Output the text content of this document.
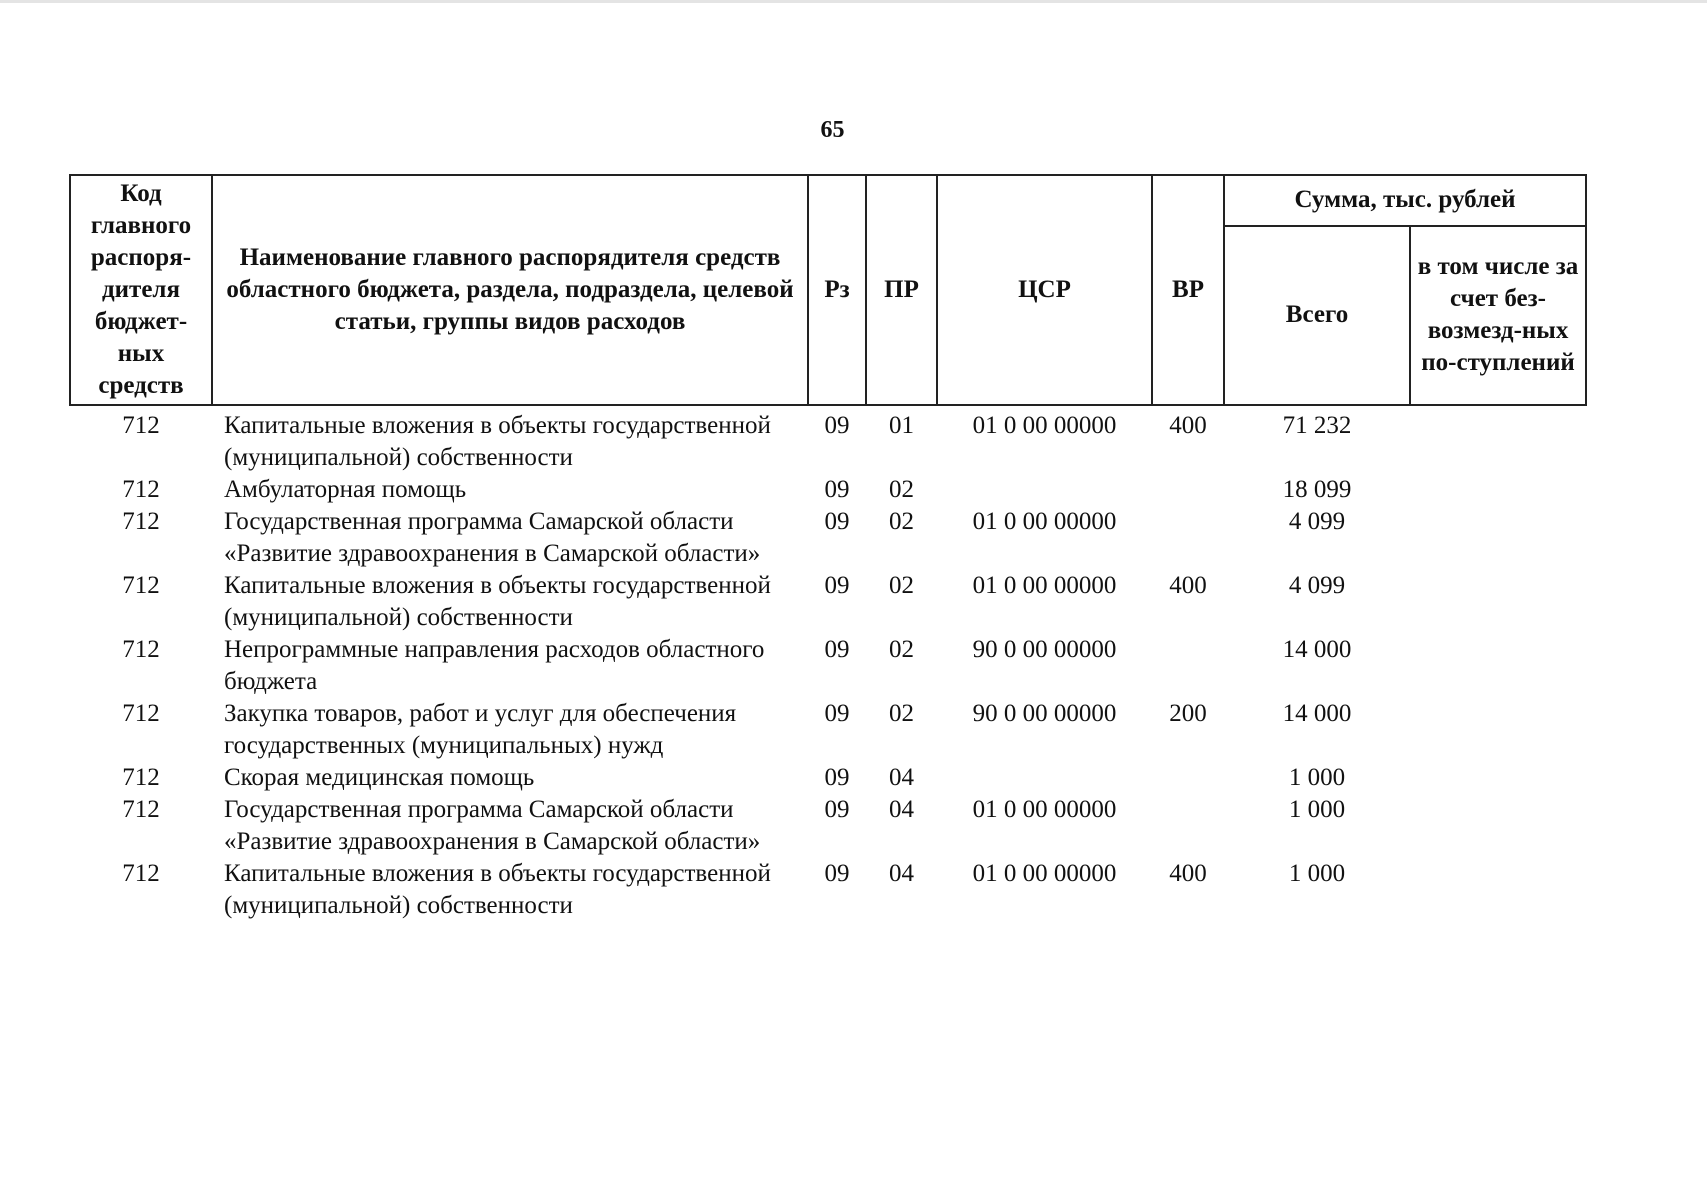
65
Код главного распоря-дителя бюджет-ных средств	Наименование главного распорядителя средств областного бюджета, раздела, подраздела, целевой статьи, группы видов расходов	Рз	ПР	ЦСР	ВР	Сумма, тыс. рублей	
						Всего	в том числе за счет без-возмезд-ных по-ступлений
712	Капитальные вложения в объекты государственной (муниципальной) собственности	09	01	01 0 00 00000	400	71 232	
712	Амбулаторная помощь	09	02			18 099	
712	Государственная программа Самарской области «Развитие здравоохранения в Самарской области»	09	02	01 0 00 00000		4 099	
712	Капитальные вложения в объекты государственной (муниципальной) собственности	09	02	01 0 00 00000	400	4 099	
712	Непрограммные направления расходов областного бюджета	09	02	90 0 00 00000		14 000	
712	Закупка товаров, работ и услуг для обеспечения государственных (муниципальных) нужд	09	02	90 0 00 00000	200	14 000	
712	Скорая медицинская помощь	09	04			1 000	
712	Государственная программа Самарской области «Развитие здравоохранения в Самарской области»	09	04	01 0 00 00000		1 000	
712	Капитальные вложения в объекты государственной (муниципальной) собственности	09	04	01 0 00 00000	400	1 000	
